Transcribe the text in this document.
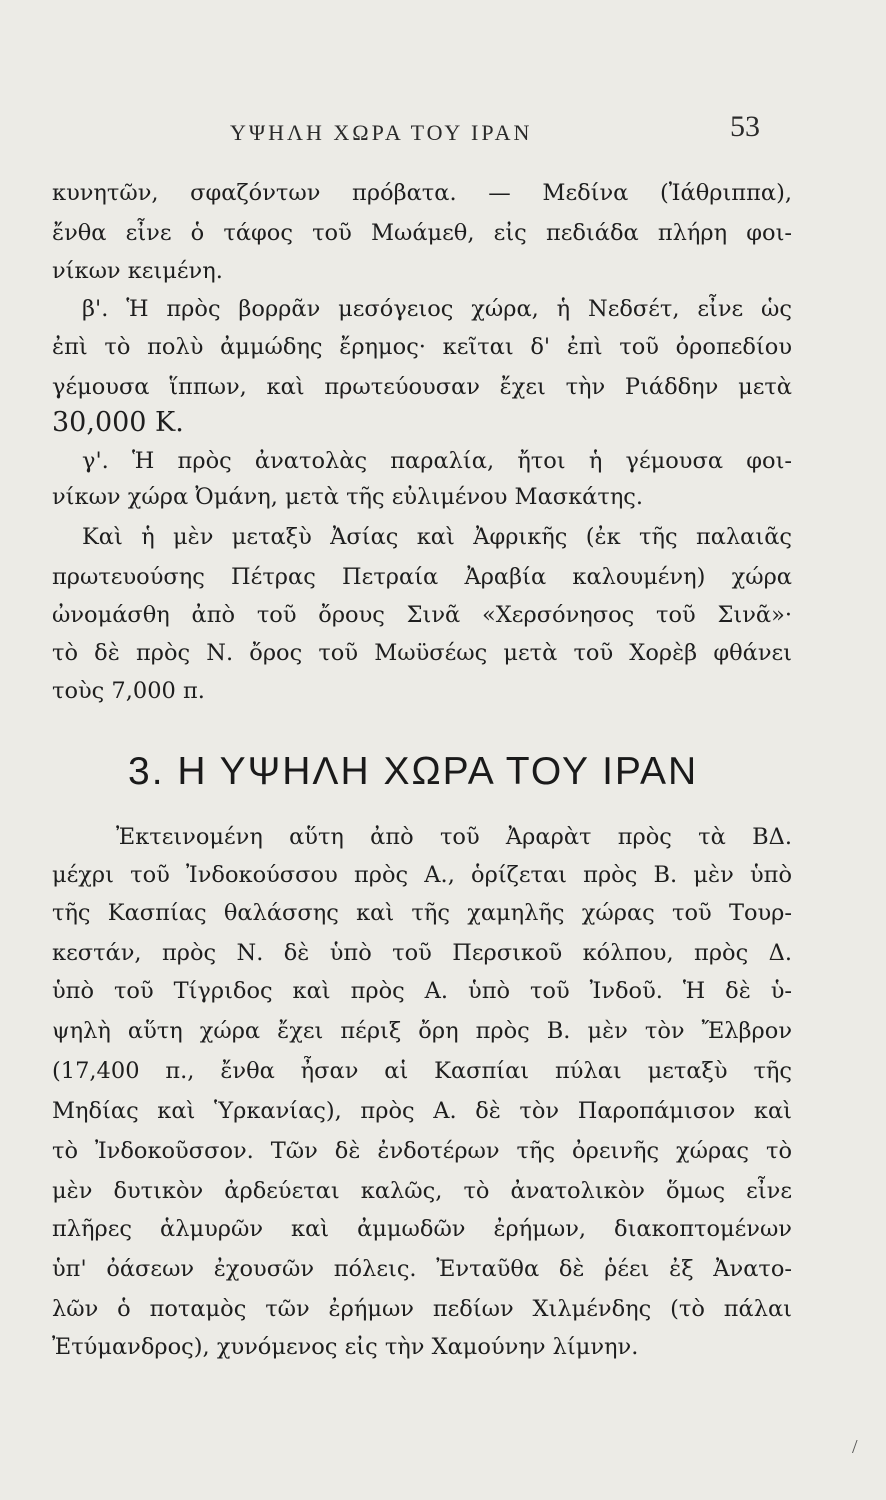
ΥΨΗΛΗ ΧΩΡΑ ΤΟΥ ΙΡΑΝ	53
κυνητῶν, σφαζόντων πρόβατα. — Μεδίνα (Ἰάθριππα),
ἔνθα εἶνε ὁ τάφος τοῦ Μωάμεθ, εἰς πεδιάδα πλήρη φοι-
νίκων κειμένη.
β'. Ἡ πρὸς βορρᾶν μεσόγειος χώρα, ἡ Νεδσέτ, εἶνε ὡς
ἐπὶ τὸ πολὺ ἀμμώδης ἔρημος· κεῖται δ' ἐπὶ τοῦ ὀροπεδίου
γέμουσα ἵππων, καὶ πρωτεύουσαν ἔχει τὴν Ριάδδην μετὰ
30,000 Κ.
γ'. Ἡ πρὸς ἀνατολὰς παραλία, ἤτοι ἡ γέμουσα φοι-
νίκων χώρα Ὀμάνη, μετὰ τῆς εὐλιμένου Μασκάτης.
Καὶ ἡ μὲν μεταξὺ Ἀσίας καὶ Ἀφρικῆς (ἐκ τῆς παλαιᾶς
πρωτευούσης Πέτρας Πετραία Ἀραβία καλουμένη) χώρα
ὠνομάσθη ἀπὸ τοῦ ὄρους Σινᾶ «Χερσόνησος τοῦ Σινᾶ»·
τὸ δὲ πρὸς Ν. ὄρος τοῦ Μωϋσέως μετὰ τοῦ Χορὲβ φθάνει
τοὺς 7,000 π.
3. Η ΥΨΗΛΗ ΧΩΡΑ ΤΟΥ ΙΡΑΝ
Ἐκτεινομένη αὕτη ἀπὸ τοῦ Ἀραρὰτ πρὸς τὰ ΒΔ.
μέχρι τοῦ Ἰνδοκούσσου πρὸς Α., ὁρίζεται πρὸς Β. μὲν ὑπὸ
τῆς Κασπίας θαλάσσης καὶ τῆς χαμηλῆς χώρας τοῦ Τουρ-
κεστάν, πρὸς Ν. δὲ ὑπὸ τοῦ Περσικοῦ κόλπου, πρὸς Δ.
ὑπὸ τοῦ Τίγριδος καὶ πρὸς Α. ὑπὸ τοῦ Ἰνδοῦ. Ἡ δὲ ὑ-
ψηλὴ αὕτη χώρα ἔχει πέριξ ὄρη πρὸς Β. μὲν τὸν Ἔλβρον
(17,400 π., ἔνθα ἦσαν αἱ Κασπίαι πύλαι μεταξὺ τῆς
Μηδίας καὶ Ὑρκανίας), πρὸς Α. δὲ τὸν Παροπάμισον καὶ
τὸ Ἰνδοκοῦσσον. Τῶν δὲ ἐνδοτέρων τῆς ὀρεινῆς χώρας τὸ
μὲν δυτικὸν ἀρδεύεται καλῶς, τὸ ἀνατολικὸν ὅμως εἶνε
πλῆρες ἁλμυρῶν καὶ ἀμμωδῶν ἐρήμων, διακοπτομένων
ὑπ' ὀάσεων ἐχουσῶν πόλεις. Ἐνταῦθα δὲ ῥέει ἐξ Ἀνατο-
λῶν ὁ ποταμὸς τῶν ἐρήμων πεδίων Χιλμένδης (τὸ πάλαι
Ἐτύμανδρος), χυνόμενος εἰς τὴν Χαμούνην λίμνην.
/
